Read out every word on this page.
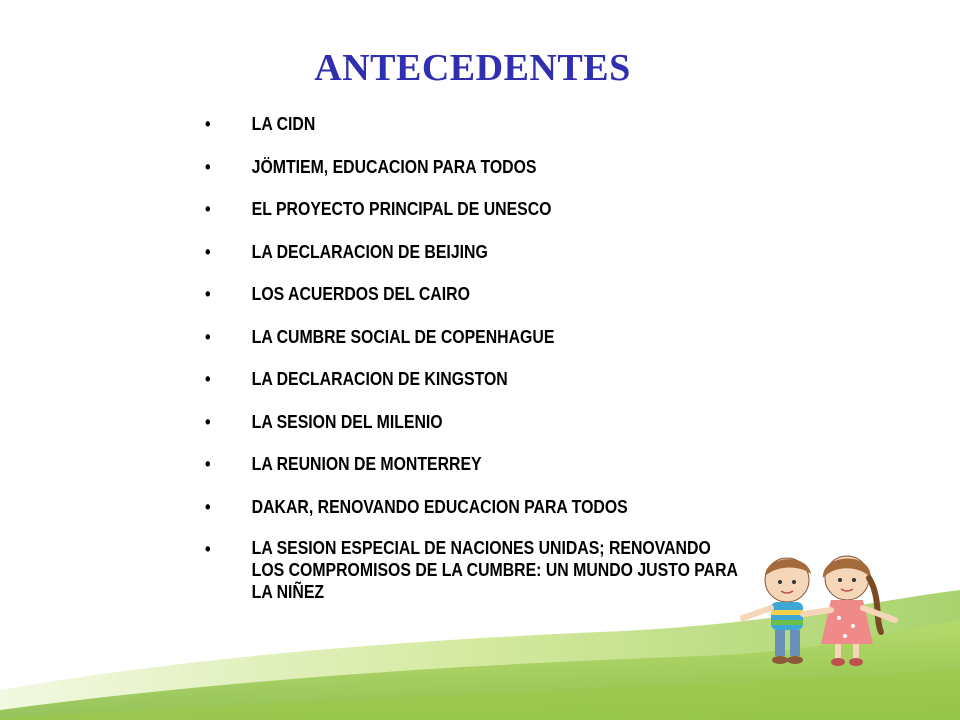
ANTECEDENTES
• LA CIDN
• JÖMTIEM, EDUCACION PARA TODOS
• EL PROYECTO PRINCIPAL DE UNESCO
• LA DECLARACION DE BEIJING
• LOS ACUERDOS DEL CAIRO
• LA CUMBRE SOCIAL DE COPENHAGUE
• LA DECLARACION DE KINGSTON
• LA SESION DEL MILENIO
• LA REUNION DE MONTERREY
• DAKAR, RENOVANDO EDUCACION PARA TODOS
• LA SESION ESPECIAL DE NACIONES UNIDAS; RENOVANDO LOS COMPROMISOS DE LA CUMBRE: UN MUNDO JUSTO PARA LA NIÑEZ
